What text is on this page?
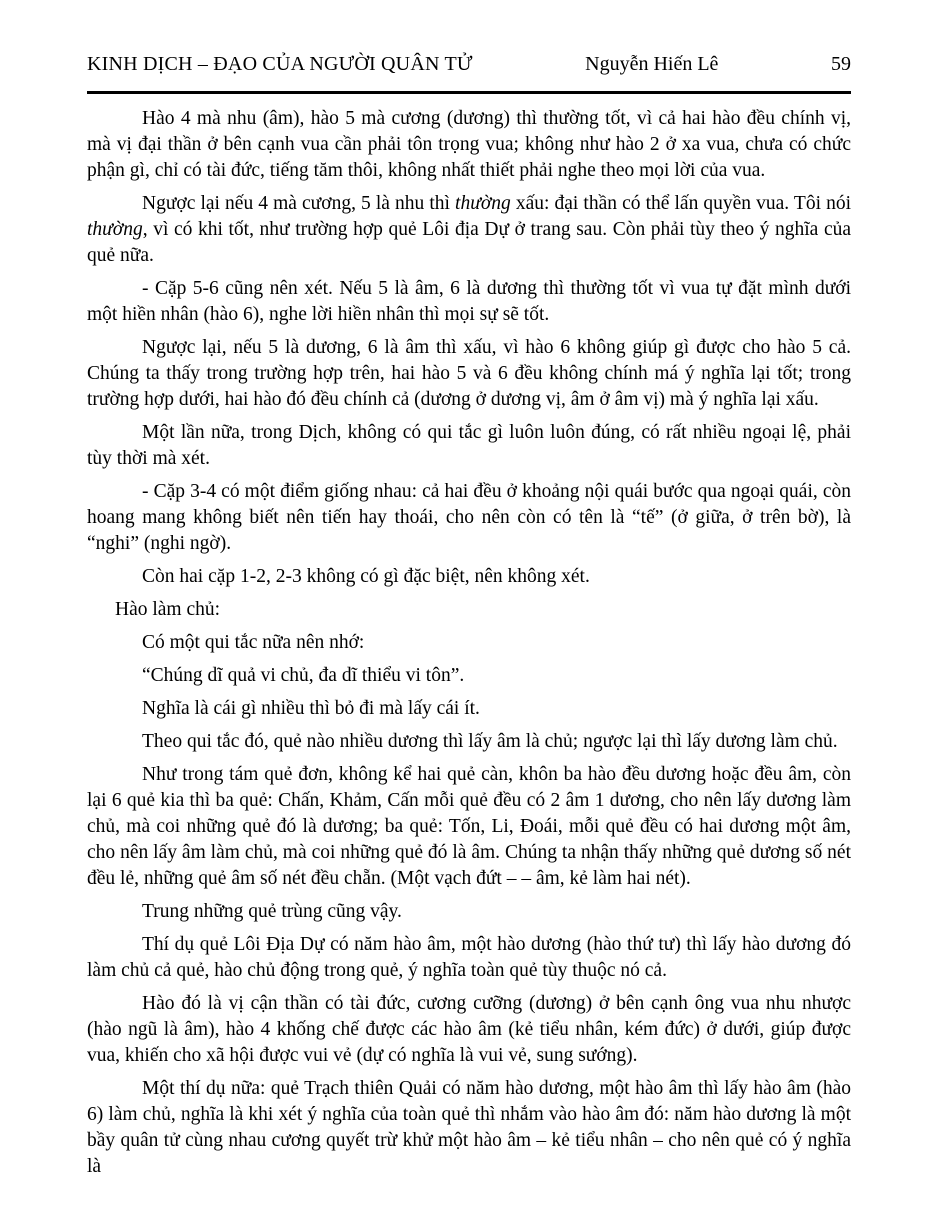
KINH DỊCH – ĐẠO CỦA NGƯỜI QUÂN TỬ	Nguyễn Hiến Lê	59

Hào 4 mà nhu (âm), hào 5 mà cương (dương) thì thường tốt, vì cả hai hào đều chính vị, mà vị đại thần ở bên cạnh vua cần phải tôn trọng vua; không như hào 2 ở xa vua, chưa có chức phận gì, chỉ có tài đức, tiếng tăm thôi, không nhất thiết phải nghe theo mọi lời của vua.

Ngược lại nếu 4 mà cương, 5 là nhu thì thường xấu: đại thần có thể lấn quyền vua. Tôi nói thường, vì có khi tốt, như trường hợp quẻ Lôi địa Dự ở trang sau. Còn phải tùy theo ý nghĩa của quẻ nữa.

- Cặp 5-6 cũng nên xét. Nếu 5 là âm, 6 là dương thì thường tốt vì vua tự đặt mình dưới một hiền nhân (hào 6), nghe lời hiền nhân thì mọi sự sẽ tốt.

Ngược lại, nếu 5 là dương, 6 là âm thì xấu, vì hào 6 không giúp gì được cho hào 5 cả. Chúng ta thấy trong trường hợp trên, hai hào 5 và 6 đều không chính má ý nghĩa lại tốt; trong trường hợp dưới, hai hào đó đều chính cả (dương ở dương vị, âm ở âm vị) mà ý nghĩa lại xấu.

Một lần nữa, trong Dịch, không có qui tắc gì luôn luôn đúng, có rất nhiều ngoại lệ, phải tùy thời mà xét.

- Cặp 3-4 có một điểm giống nhau: cả hai đều ở khoảng nội quái bước qua ngoại quái, còn hoang mang không biết nên tiến hay thoái, cho nên còn có tên là “tế” (ở giữa, ở trên bờ), là “nghi” (nghi ngờ).

Còn hai cặp 1-2, 2-3 không có gì đặc biệt, nên không xét.

Hào làm chủ:

Có một qui tắc nữa nên nhớ:

“Chúng dĩ quả vi chủ, đa dĩ thiểu vi tôn”.

Nghĩa là cái gì nhiều thì bỏ đi mà lấy cái ít.

Theo qui tắc đó, quẻ nào nhiều dương thì lấy âm là chủ; ngược lại thì lấy dương làm chủ.

Như trong tám quẻ đơn, không kể hai quẻ càn, khôn ba hào đều dương hoặc đều âm, còn lại 6 quẻ kia thì ba quẻ: Chấn, Khảm, Cấn mỗi quẻ đều có 2 âm 1 dương, cho nên lấy dương làm chủ, mà coi những quẻ đó là dương; ba quẻ: Tốn, Li, Đoái, mỗi quẻ đều có hai dương một âm, cho nên lấy âm làm chủ, mà coi những quẻ đó là âm. Chúng ta nhận thấy những quẻ dương số nét đều lẻ, những quẻ âm số nét đều chẵn. (Một vạch đứt – – âm, kẻ làm hai nét).

Trung những quẻ trùng cũng vậy.

Thí dụ quẻ Lôi Địa Dự có năm hào âm, một hào dương (hào thứ tư) thì lấy hào dương đó làm chủ cả quẻ, hào chủ động trong quẻ, ý nghĩa toàn quẻ tùy thuộc nó cả.

Hào đó là vị cận thần có tài đức, cương cưỡng (dương) ở bên cạnh ông vua nhu nhược (hào ngũ là âm), hào 4 khống chế được các hào âm (kẻ tiểu nhân, kém đức) ở dưới, giúp được vua, khiến cho xã hội được vui vẻ (dự có nghĩa là vui vẻ, sung sướng).

Một thí dụ nữa: quẻ Trạch thiên Quải có năm hào dương, một hào âm thì lấy hào âm (hào 6) làm chủ, nghĩa là khi xét ý nghĩa của toàn quẻ thì nhắm vào hào âm đó: năm hào dương là một bầy quân tử cùng nhau cương quyết trừ khử một hào âm – kẻ tiểu nhân – cho nên quẻ có ý nghĩa là
